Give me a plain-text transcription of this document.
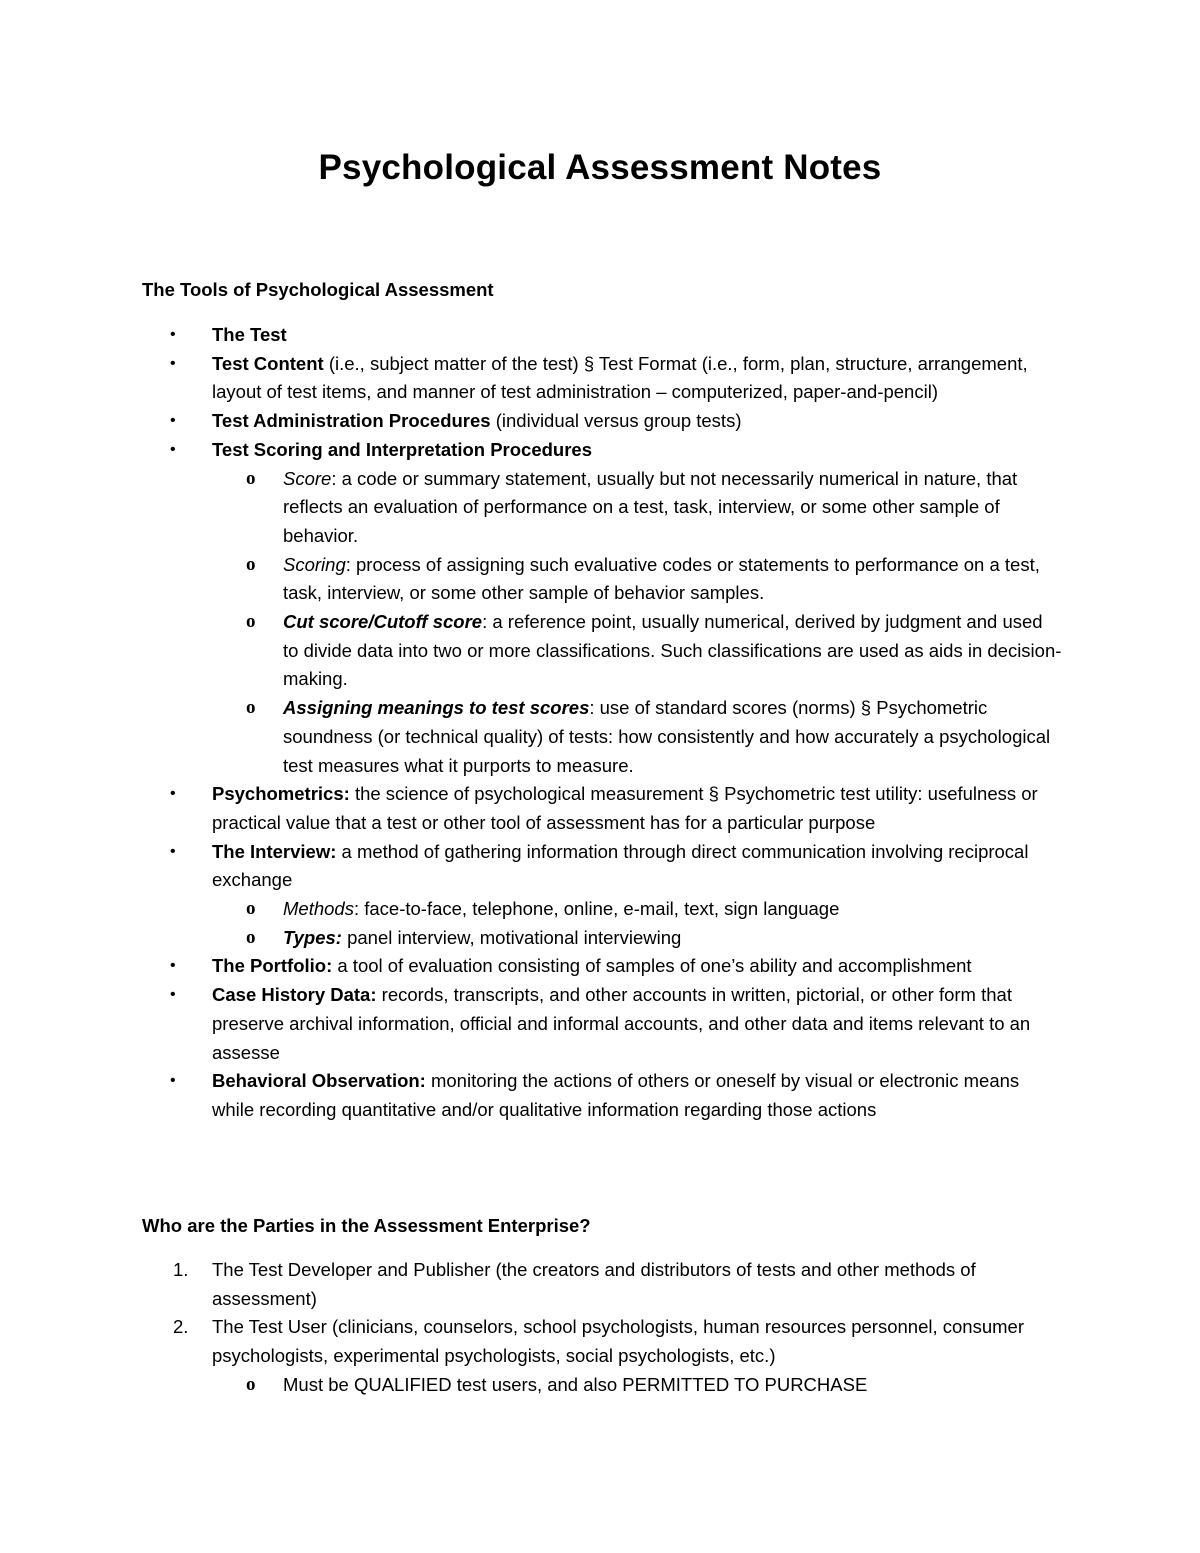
Psychological Assessment Notes
The Tools of Psychological Assessment
• The Test
• Test Content (i.e., subject matter of the test) § Test Format (i.e., form, plan, structure, arrangement, layout of test items, and manner of test administration – computerized, paper-and-pencil)
• Test Administration Procedures (individual versus group tests)
• Test Scoring and Interpretation Procedures
o Score: a code or summary statement, usually but not necessarily numerical in nature, that reflects an evaluation of performance on a test, task, interview, or some other sample of behavior.
o Scoring: process of assigning such evaluative codes or statements to performance on a test, task, interview, or some other sample of behavior samples.
o Cut score/Cutoff score: a reference point, usually numerical, derived by judgment and used to divide data into two or more classifications. Such classifications are used as aids in decision-making.
o Assigning meanings to test scores: use of standard scores (norms) § Psychometric soundness (or technical quality) of tests: how consistently and how accurately a psychological test measures what it purports to measure.
• Psychometrics: the science of psychological measurement § Psychometric test utility: usefulness or practical value that a test or other tool of assessment has for a particular purpose
• The Interview: a method of gathering information through direct communication involving reciprocal exchange
o Methods: face-to-face, telephone, online, e-mail, text, sign language
o Types: panel interview, motivational interviewing
• The Portfolio: a tool of evaluation consisting of samples of one’s ability and accomplishment
• Case History Data: records, transcripts, and other accounts in written, pictorial, or other form that preserve archival information, official and informal accounts, and other data and items relevant to an assesse
• Behavioral Observation: monitoring the actions of others or oneself by visual or electronic means while recording quantitative and/or qualitative information regarding those actions
Who are the Parties in the Assessment Enterprise?
1. The Test Developer and Publisher (the creators and distributors of tests and other methods of assessment)
2. The Test User (clinicians, counselors, school psychologists, human resources personnel, consumer psychologists, experimental psychologists, social psychologists, etc.)
o Must be QUALIFIED test users, and also PERMITTED TO PURCHASE
